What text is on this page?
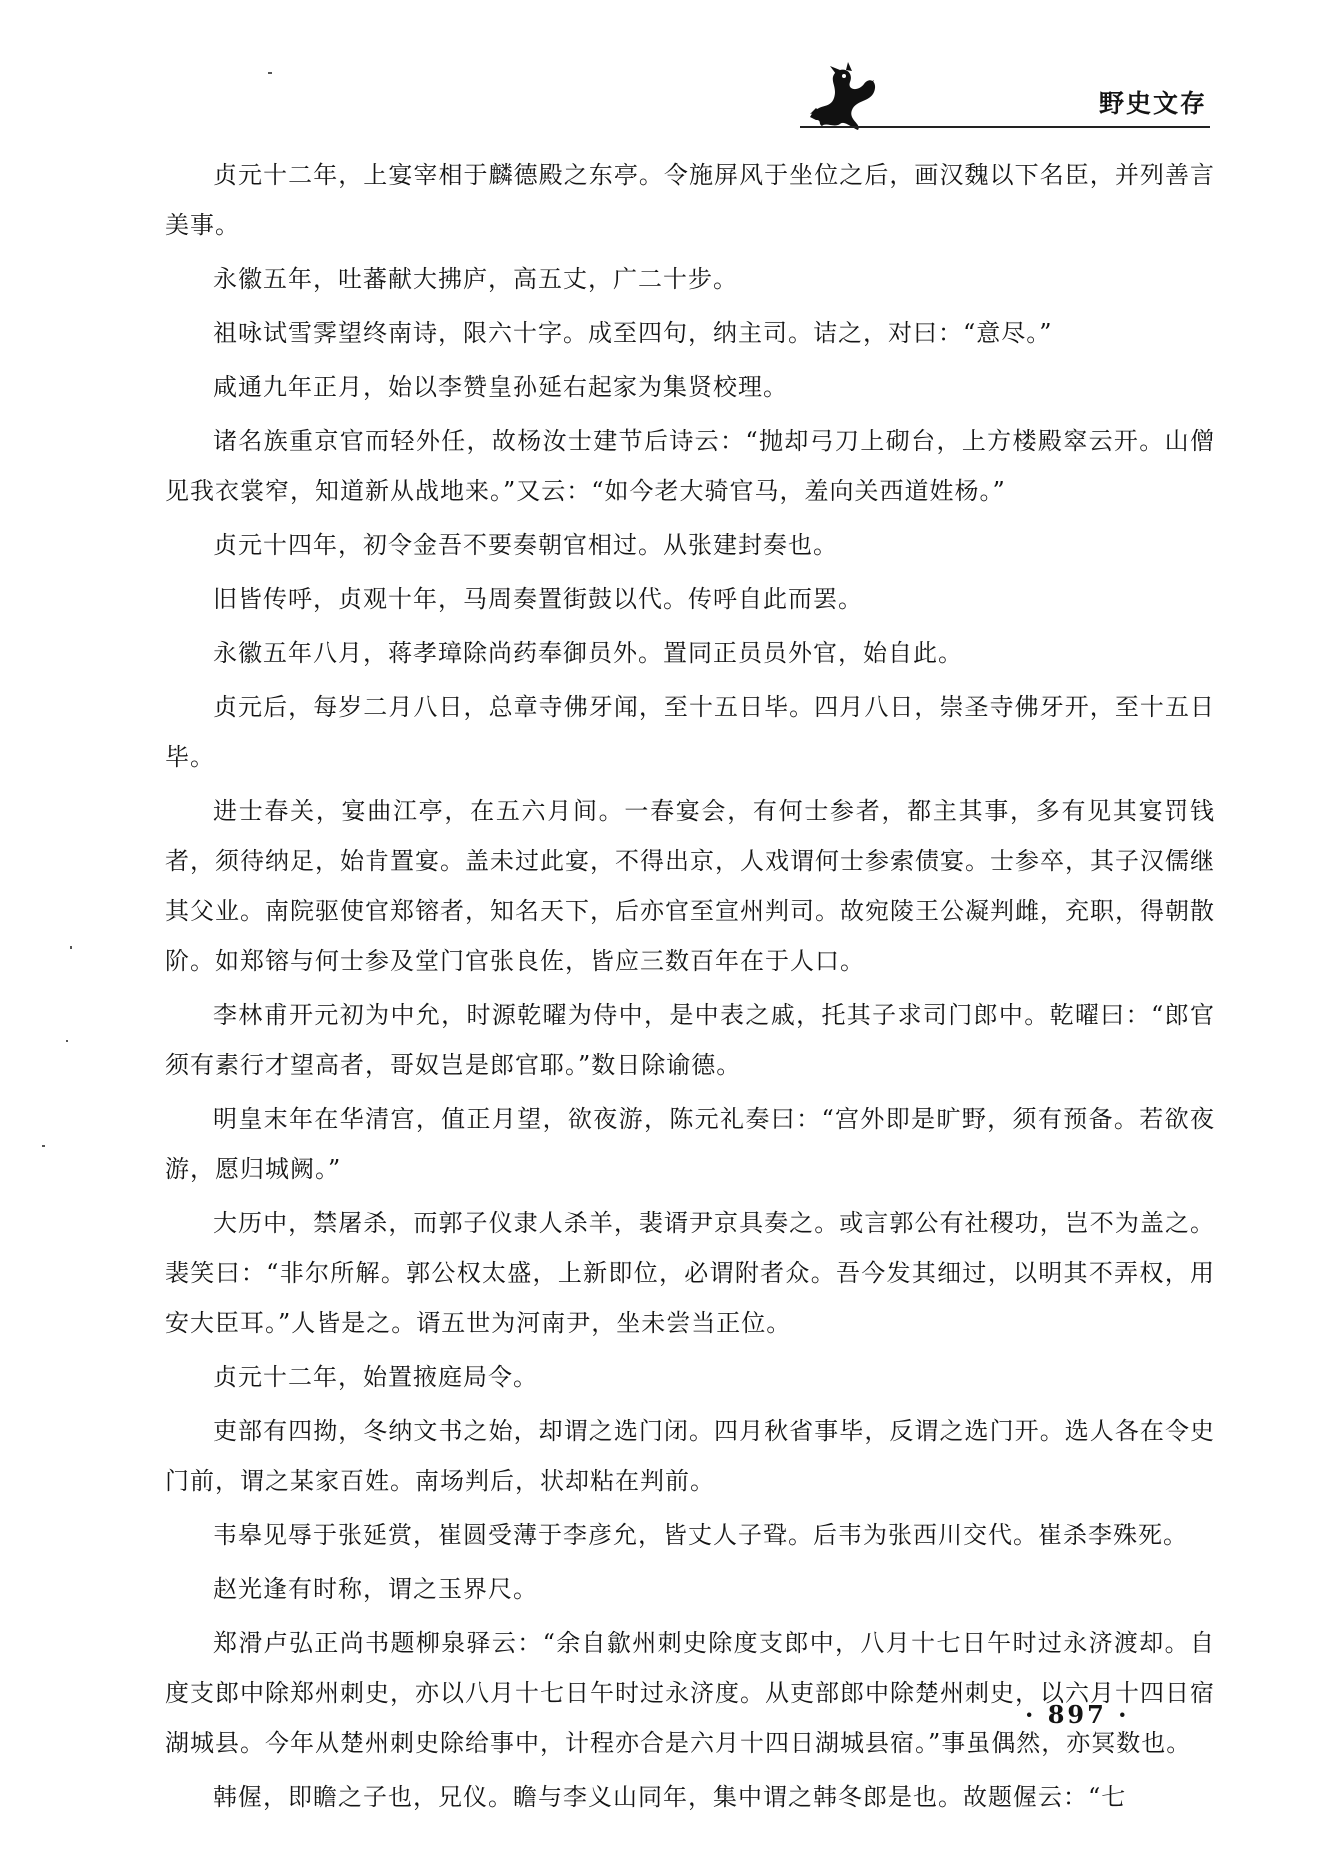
野史文存

贞元十二年，上宴宰相于麟德殿之东亭。令施屏风于坐位之后，画汉魏以下名臣，并列善言美事。

永徽五年，吐蕃献大拂庐，高五丈，广二十步。

祖咏试雪霁望终南诗，限六十字。成至四句，纳主司。诘之，对曰：“意尽。”

咸通九年正月，始以李赞皇孙延右起家为集贤校理。

诸名族重京官而轻外任，故杨汝士建节后诗云：“抛却弓刀上砌台，上方楼殿窣云开。山僧见我衣裳窄，知道新从战地来。”又云：“如今老大骑官马，羞向关西道姓杨。”

贞元十四年，初令金吾不要奏朝官相过。从张建封奏也。

旧皆传呼，贞观十年，马周奏置街鼓以代。传呼自此而罢。

永徽五年八月，蒋孝璋除尚药奉御员外。置同正员员外官，始自此。

贞元后，每岁二月八日，总章寺佛牙闻，至十五日毕。四月八日，崇圣寺佛牙开，至十五日毕。

进士春关，宴曲江亭，在五六月间。一春宴会，有何士参者，都主其事，多有见其宴罚钱者，须待纳足，始肯置宴。盖未过此宴，不得出京，人戏谓何士参索债宴。士参卒，其子汉儒继其父业。南院驱使官郑镕者，知名天下，后亦官至宣州判司。故宛陵王公凝判雌，充职，得朝散阶。如郑镕与何士参及堂门官张良佐，皆应三数百年在于人口。

李林甫开元初为中允，时源乾曜为侍中，是中表之戚，托其子求司门郎中。乾曜曰：“郎官须有素行才望高者，哥奴岂是郎官耶。”数日除谕德。

明皇末年在华清宫，值正月望，欲夜游，陈元礼奏曰：“宫外即是旷野，须有预备。若欲夜游，愿归城阙。”

大历中，禁屠杀，而郭子仪隶人杀羊，裴谞尹京具奏之。或言郭公有社稷功，岂不为盖之。裴笑曰：“非尔所解。郭公权太盛，上新即位，必谓附者众。吾今发其细过，以明其不弄权，用安大臣耳。”人皆是之。谞五世为河南尹，坐未尝当正位。

贞元十二年，始置掖庭局令。

吏部有四拗，冬纳文书之始，却谓之选门闭。四月秋省事毕，反谓之选门开。选人各在令史门前，谓之某家百姓。南场判后，状却粘在判前。

韦皋见辱于张延赏，崔圆受薄于李彦允，皆丈人子聓。后韦为张西川交代。崔杀李殊死。

赵光逢有时称，谓之玉界尺。

郑滑卢弘正尚书题柳泉驿云：“余自歙州刺史除度支郎中，八月十七日午时过永济渡却。自度支郎中除郑州刺史，亦以八月十七日午时过永济度。从吏部郎中除楚州刺史，以六月十四日宿湖城县。今年从楚州刺史除给事中，计程亦合是六月十四日湖城县宿。”事虽偶然，亦冥数也。

韩偓，即瞻之子也，兄仪。瞻与李义山同年，集中谓之韩冬郎是也。故题偓云：“七

· 897 ·
